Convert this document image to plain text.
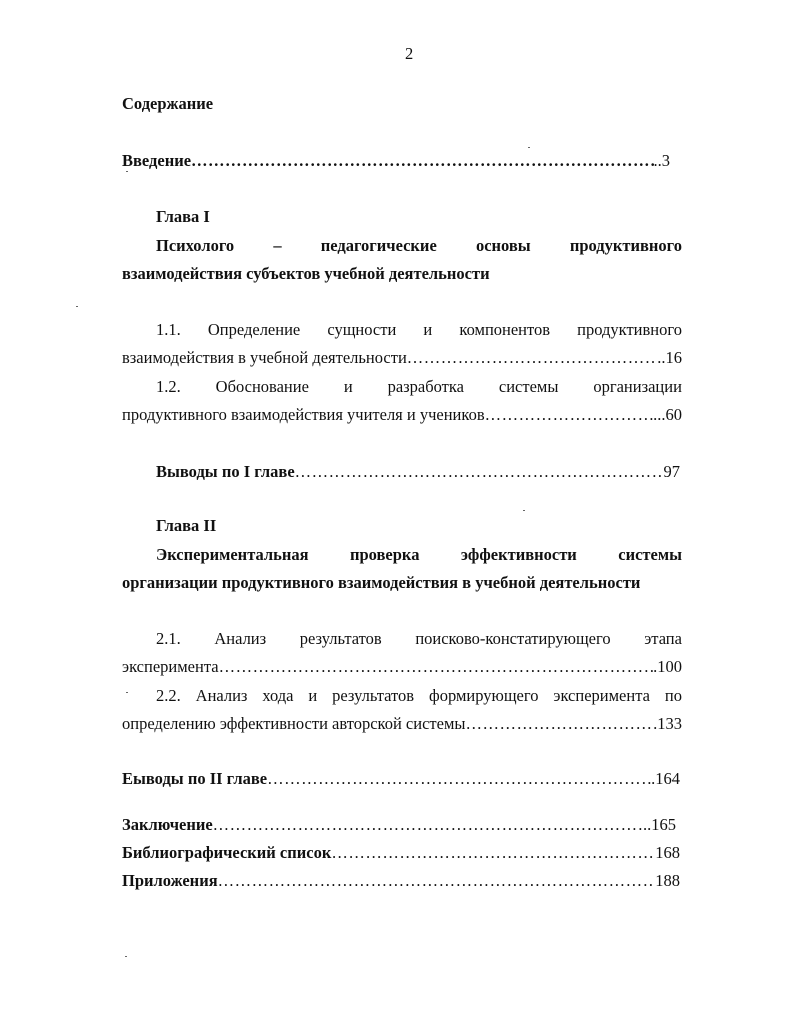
2
Содержание
Введение …………………………………………………………………………………………………………………………………………………	..3
Глава I
Психолого – педагогические основы продуктивного
взаимодействия субъектов учебной деятельности
1.1. Определение сущности и компонентов продуктивного
взаимодействия в учебной деятельности …………………………………………………………………………………………………………………………………………………	..16
1.2. Обоснование и разработка системы организации
продуктивного взаимодействия учителя и учеников …………………………………………………………………………………………………………………………………………………	...60
Выводы по I главе …………………………………………………………………………………………………………………………………………………	97
Глава II
Экспериментальная	проверка	эффективности	системы
организации продуктивного взаимодействия в учебной деятельности
2.1. Анализ результатов поисково-констатирующего этапа
эксперимента …………………………………………………………………………………………………………………………………………………	.100
2.2. Анализ хода и результатов формирующего эксперимента по
определению эффективности авторской системы …………………………………………………………………………………………………………………………………………………	133
Еыводы по II главе …………………………………………………………………………………………………………………………………………………	.164
Заключение …………………………………………………………………………………………………………………………………………………	..165
Библиографический список …………………………………………………………………………………………………………………………………………………	168
Приложения …………………………………………………………………………………………………………………………………………………	188
